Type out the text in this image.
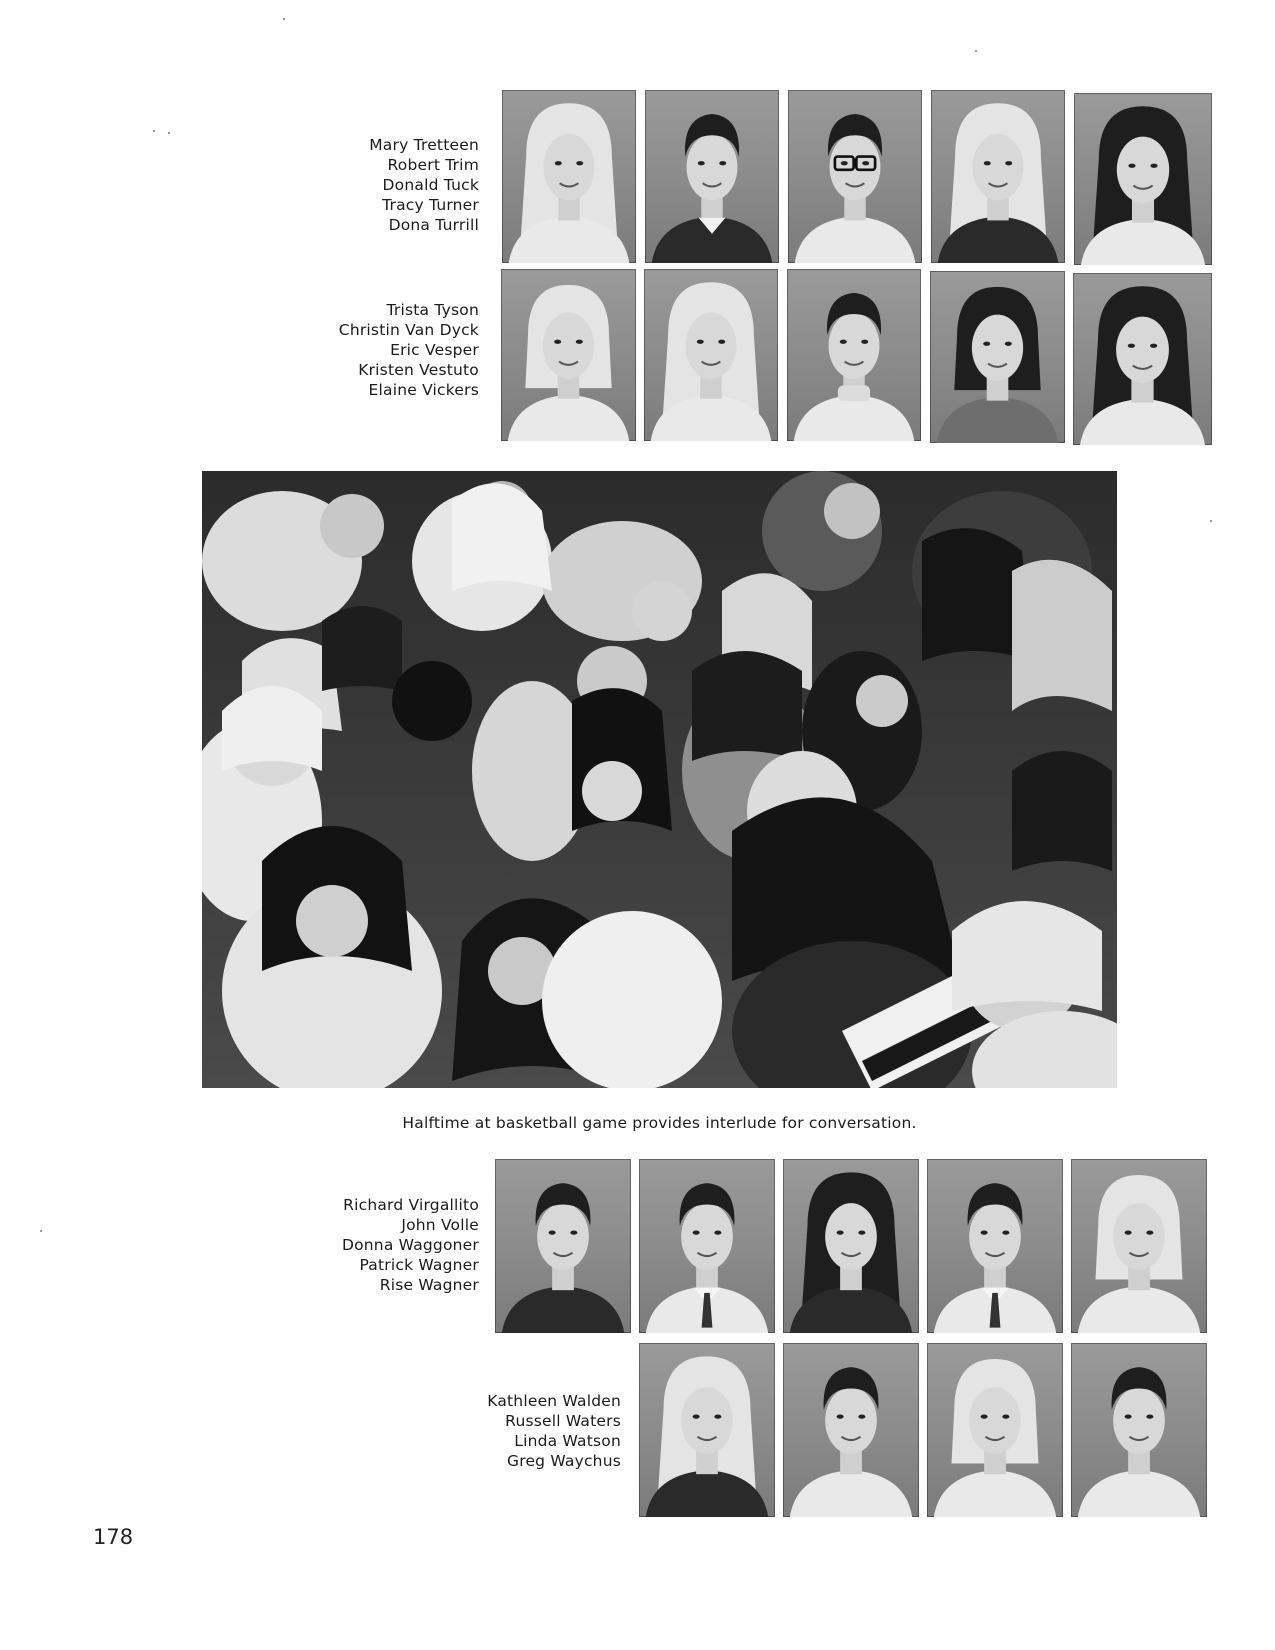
Mary Tretteen
Robert Trim
Donald Tuck
Tracy Turner
Dona Turrill
Trista Tyson
Christin Van Dyck
Eric Vesper
Kristen Vestuto
Elaine Vickers
Halftime at basketball game provides interlude for conversation.
Richard Virgallito
John Volle
Donna Waggoner
Patrick Wagner
Rise Wagner
Kathleen Walden
Russell Waters
Linda Watson
Greg Waychus
178
